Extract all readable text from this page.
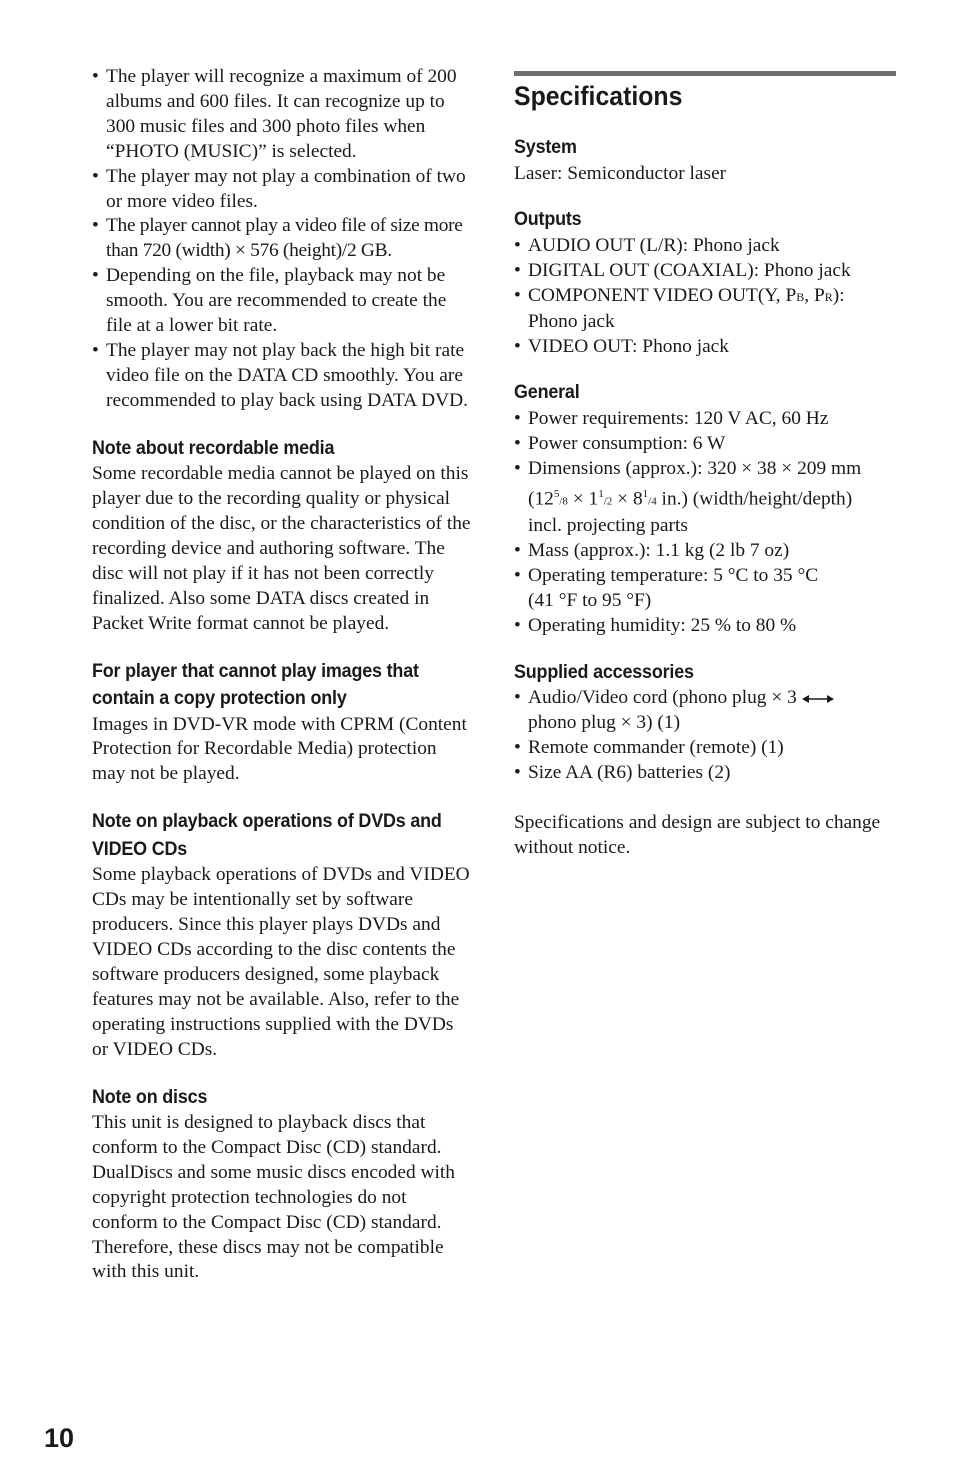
• The player will recognize a maximum of 200 albums and 600 files. It can recognize up to 300 music files and 300 photo files when “PHOTO (MUSIC)” is selected.
• The player may not play a combination of two or more video files.
• The player cannot play a video file of size more than 720 (width) × 576 (height)/2 GB.
• Depending on the file, playback may not be smooth. You are recommended to create the file at a lower bit rate.
• The player may not play back the high bit rate video file on the DATA CD smoothly. You are recommended to play back using DATA DVD.
Note about recordable media

Some recordable media cannot be played on this player due to the recording quality or physical condition of the disc, or the characteristics of the recording device and authoring software. The disc will not play if it has not been correctly finalized. Also some DATA discs created in Packet Write format cannot be played.

For player that cannot play images that
contain a copy protection only

Images in DVD-VR mode with CPRM (Content Protection for Recordable Media) protection may not be played.

Note on playback operations of DVDs and
VIDEO CDs

Some playback operations of DVDs and VIDEO CDs may be intentionally set by software producers. Since this player plays DVDs and VIDEO CDs according to the disc contents the software producers designed, some playback features may not be available. Also, refer to the operating instructions supplied with the DVDs or VIDEO CDs.

Note on discs

This unit is designed to playback discs that conform to the Compact Disc (CD) standard. DualDiscs and some music discs encoded with copyright protection technologies do not conform to the Compact Disc (CD) standard. Therefore, these discs may not be compatible with this unit.

Specifications
System

Laser: Semiconductor laser

Outputs
• AUDIO OUT (L/R): Phono jack
• DIGITAL OUT (COAXIAL): Phono jack
• COMPONENT VIDEO OUT(Y, PB, PR):
Phono jack
• VIDEO OUT: Phono jack
General
• Power requirements: 120 V AC, 60 Hz
• Power consumption: 6 W
• Dimensions (approx.): 320 × 38 × 209 mm
($12^5/8 \times 1^1/2 \times 8^1/4$ in.) (width/height/depth)
incl. projecting parts
• Mass (approx.): 1.1 kg (2 lb 7 oz)
• Operating temperature: 5 °C to 35 °C
(41 °F to 95 °F)
• Operating humidity: 25 % to 80 %
Supplied accessories
• Audio/Video cord (phono plug × 3
phono plug × 3) (1)
• Remote commander (remote) (1)
• Size AA (R6) batteries (2)

Specifications and design are subject to change without notice.

10
